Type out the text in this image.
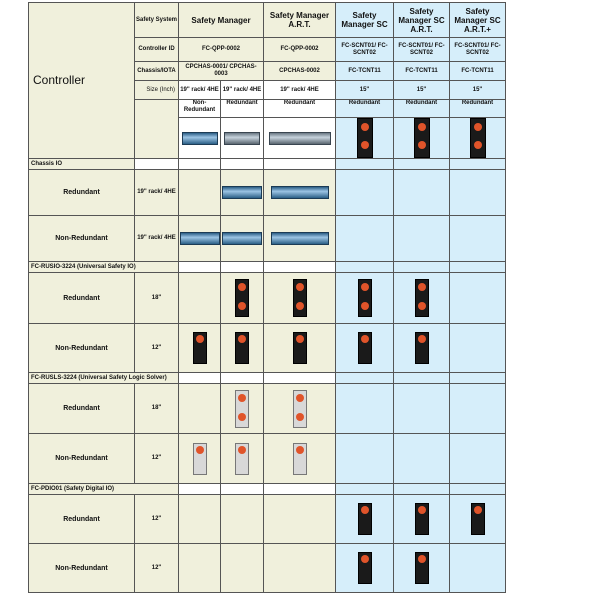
Controller	Safety System	Safety Manager		Safety Manager A.R.T.	Safety Manager SC	Safety Manager SC A.R.T.	Safety Manager SC A.R.T.+
	Controller ID	FC-QPP-0002		FC-QPP-0002	FC-SCNT01/ FC-SCNT02	FC-SCNT01/ FC-SCNT02	FC-SCNT01/ FC-SCNT02
	Chassis/IOTA	CPCHAS-0001/ CPCHAS-0003		CPCHAS-0002	FC-TCNT11	FC-TCNT11	FC-TCNT11
	Size (Inch)	19" rack/ 4HE	19" rack/ 4HE	19" rack/ 4HE	15"	15"	15"
		Non-Redundant	Redundant	Redundant	Redundant	Redundant	Redundant

Chassis IO							
Redundant	19" rack/ 4HE						
Non-Redundant	19" rack/ 4HE						
FC-RUSIO-3224 (Universal Safety IO)							
Redundant	18"						
Non-Redundant	12"						
FC-RUSLS-3224 (Universal Safety Logic Solver)							
Redundant	18"						
Non-Redundant	12"						
FC-PDIO01 (Safety Digital IO)							
Redundant	12"						
Non-Redundant	12"						
